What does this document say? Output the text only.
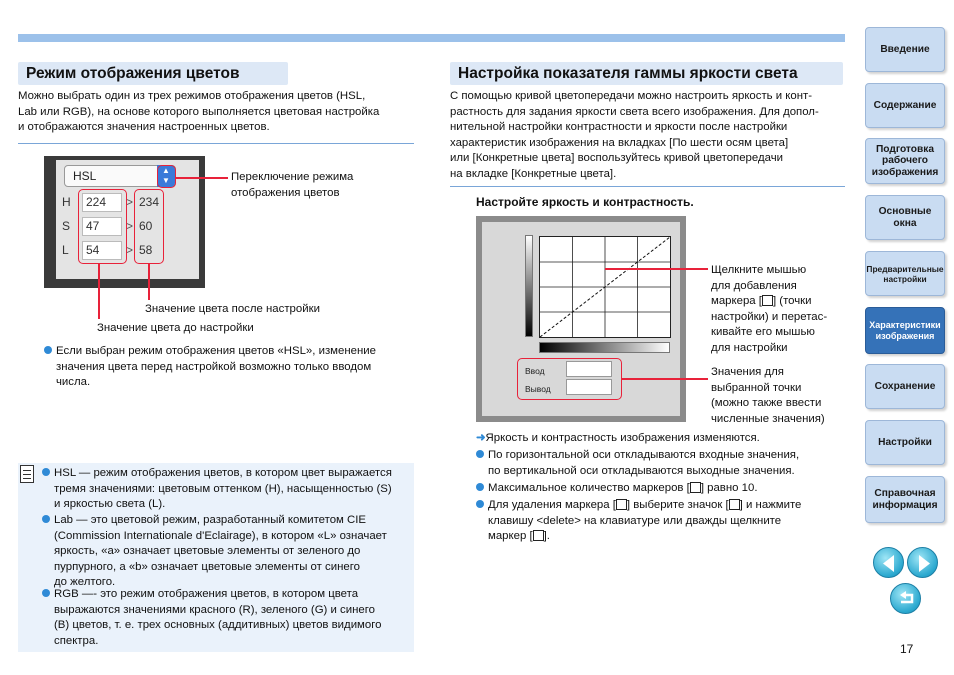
Режим отображения цветов
Можно выбрать один из трех режимов отображения цветов (HSL,
Lab или RGB), на основе которого выполняется цветовая настройка
и отображаются значения настроенных цветов.
HSL	▲
▼
H
S
L
224
47
54
>
>
>
234
60
58
Переключение режима
отображения цветов
Значение цвета после настройки
Значение цвета до настройки
Если выбран режим отображения цветов «HSL», изменение
значения цвета перед настройкой возможно только вводом
числа.
HSL — режим отображения цветов, в котором цвет выражается
тремя значениями: цветовым оттенком (H), насыщенностью (S)
и яркостью света (L).
Lab — это цветовой режим, разработанный комитетом CIE
(Commission Internationale d'Eclairage), в котором «L» означает
яркость, «a» означает цветовые элементы от зеленого до
пурпурного, a «b» означает цветовые элементы от синего
до желтого.
RGB —- это режим отображения цветов, в котором цвета
выражаются значениями красного (R), зеленого (G) и синего
(B) цветов, т. е. трех основных (аддитивных) цветов видимого
спектра.
Настройка показателя гаммы яркости света
С помощью кривой цветопередачи можно настроить яркость и конт-
растность для задания яркости света всего изображения. Для допол-
нительной настройки контрастности и яркости после настройки
характеристик изображения на вкладках [По шести осям цвета]
или [Конкретные цвета] воспользуйтесь кривой цветопередачи
на вкладке [Конкретные цвета].
Настройте яркость и контрастность.
Ввод
Вывод
Щелкните мышью
для добавления
маркера [ ] (точки
настройки) и перетас-
кивайте его мышью
для настройки
Значения для
выбранной точки
(можно также ввести
численные значения)
➜Яркость и контрастность изображения изменяются.
По горизонтальной оси откладываются входные значения,
по вертикальной оси откладываются выходные значения.
Максимальное количество маркеров [ ] равно 10.
Для удаления маркера [ ] выберите значок [ ] и нажмите
клавишу <delete> на клавиатуре или дважды щелкните
маркер [ ].
Введение
Содержание
Подготовка рабочего изображения
Основные окна
Предварительные настройки
Характеристики изображения
Сохранение
Настройки
Справочная информация
17
